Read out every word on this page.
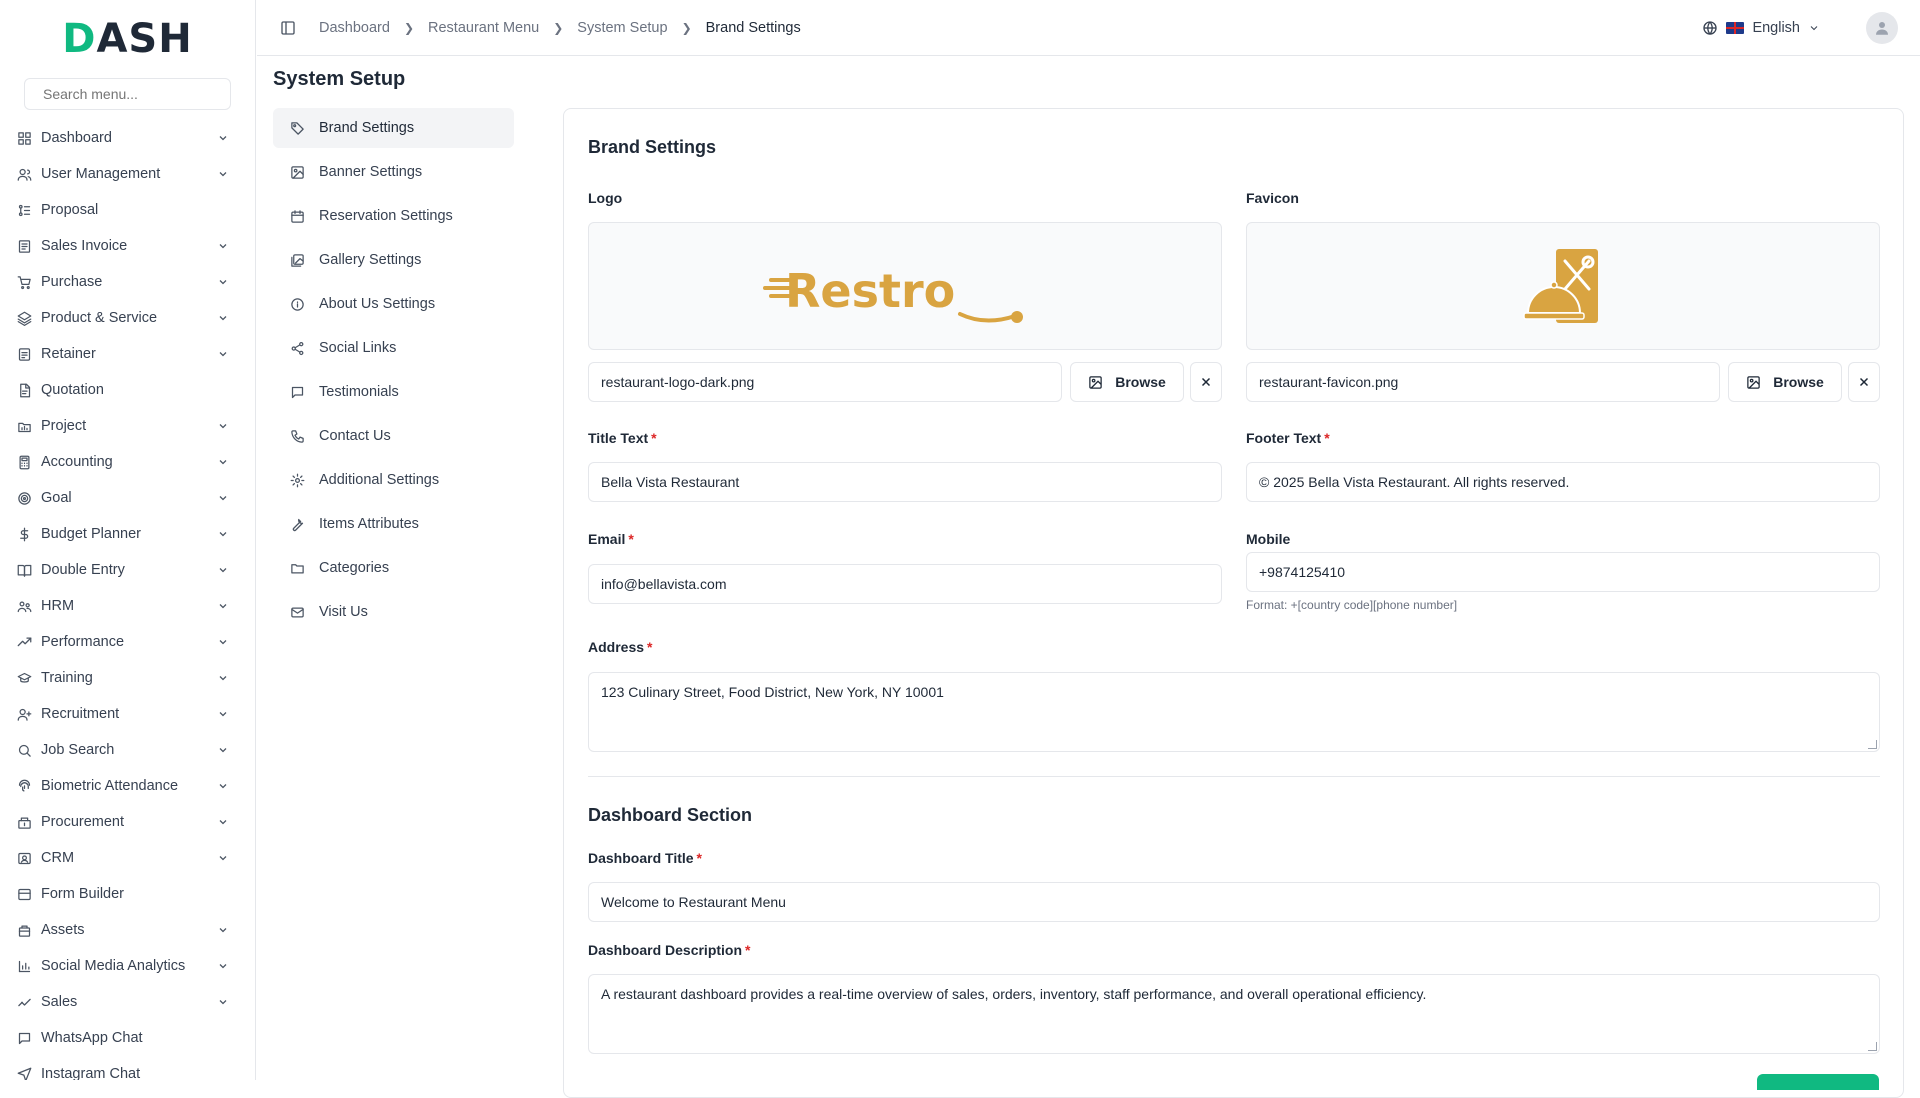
DASH
Search menu...
Dashboard
User Management
Proposal
Sales Invoice
Purchase
Product & Service
Retainer
Quotation
Project
Accounting
Goal
Budget Planner
Double Entry
HRM
Performance
Training
Recruitment
Job Search
Biometric Attendance
Procurement
CRM
Form Builder
Assets
Social Media Analytics
Sales
WhatsApp Chat
Instagram Chat
Dashboard ❯ Restaurant Menu ❯ System Setup ❯ Brand Settings	English
System Setup
Brand Settings
Banner Settings
Reservation Settings
Gallery Settings
About Us Settings
Social Links
Testimonials
Contact Us
Additional Settings
Items Attributes
Categories
Visit Us
Brand Settings
Logo
Restro
restaurant-logo-dark.png	Browse
Favicon
restaurant-favicon.png	Browse
Title Text *
Bella Vista Restaurant
Footer Text *
© 2025 Bella Vista Restaurant. All rights reserved.
Email *
info@bellavista.com
Mobile
+9874125410
Format: +[country code][phone number]
Address *
123 Culinary Street, Food District, New York, NY 10001
Dashboard Section
Dashboard Title *
Welcome to Restaurant Menu
Dashboard Description *
A restaurant dashboard provides a real-time overview of sales, orders, inventory, staff performance, and overall operational efficiency.
